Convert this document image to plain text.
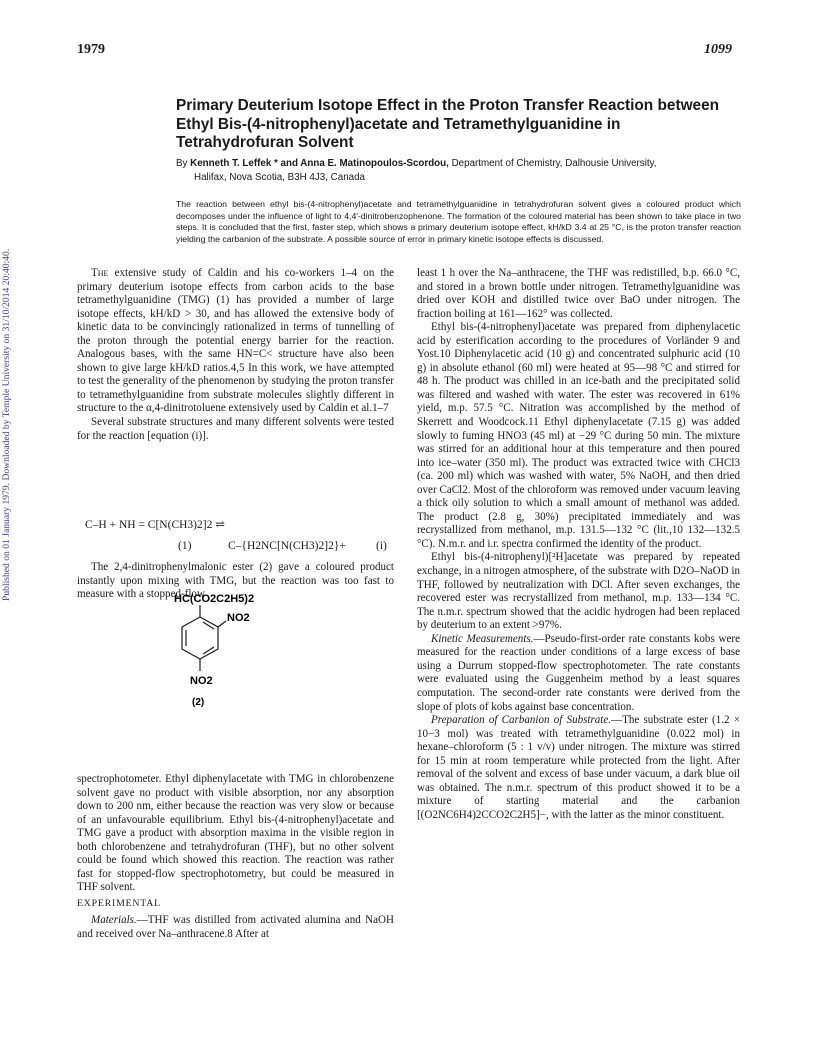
1979	1099
Published on 01 January 1979. Downloaded by Temple University on 31/10/2014 20:40:40.
Primary Deuterium Isotope Effect in the Proton Transfer Reaction between Ethyl Bis-(4-nitrophenyl)acetate and Tetramethylguanidine in Tetrahydrofuran Solvent
By Kenneth T. Leffek * and Anna E. Matinopoulos-Scordou, Department of Chemistry, Dalhousie University,
Halifax, Nova Scotia, B3H 4J3, Canada
The reaction between ethyl bis-(4-nitrophenyl)acetate and tetramethylguanidine in tetrahydrofuran solvent gives a coloured product which decomposes under the influence of light to 4,4′-dinitrobenzophenone. The formation of the coloured material has been shown to take place in two steps. It is concluded that the first, faster step, which shows a primary deuterium isotope effect, kH/kD 3.4 at 25 °C, is the proton transfer reaction yielding the carbanion of the substrate. A possible source of error in primary kinetic isotope effects is discussed.

The extensive study of Caldin and his co-workers 1–4 on the primary deuterium isotope effects from carbon acids to the base tetramethylguanidine (TMG) (1) has provided a number of large isotope effects, kH/kD > 30, and has allowed the extensive body of kinetic data to be convincingly rationalized in terms of tunnelling of the proton through the potential energy barrier for the reaction. Analogous bases, with the same HN=C< structure have also been shown to give large kH/kD ratios.4,5 In this work, we have attempted to test the generality of the phenomenon by studying the proton transfer to tetramethylguanidine from substrate molecules slightly different in structure to the α,4-dinitrotoluene extensively used by Caldin et al.1–7

Several substrate structures and many different solvents were tested for the reaction [equation (i)].

C–H + NH = C[N(CH3)2]2 ⇌
(1)	C–{H2NC[N(CH3)2]2}+	(i)

The 2,4-dinitrophenylmalonic ester (2) gave a coloured product instantly upon mixing with TMG, but the reaction was too fast to measure with a stopped-flow

HC(CO2C2H5)2
NO2
NO2
(2)

spectrophotometer. Ethyl diphenylacetate with TMG in chlorobenzene solvent gave no product with visible absorption, nor any absorption down to 200 nm, either because the reaction was very slow or because of an unfavourable equilibrium. Ethyl bis-(4-nitrophenyl)acetate and TMG gave a product with absorption maxima in the visible region in both chlorobenzene and tetrahydrofuran (THF), but no other solvent could be found which showed this reaction. The reaction was rather fast for stopped-flow spectrophotometry, but could be measured in THF solvent.

EXPERIMENTAL

Materials.—THF was distilled from activated alumina and NaOH and received over Na–anthracene.8 After at

least 1 h over the Na–anthracene, the THF was redistilled, b.p. 66.0 °C, and stored in a brown bottle under nitrogen. Tetramethylguanidine was dried over KOH and distilled twice over BaO under nitrogen. The fraction boiling at 161—162° was collected.

Ethyl bis-(4-nitrophenyl)acetate was prepared from diphenylacetic acid by esterification according to the procedures of Vorländer 9 and Yost.10 Diphenylacetic acid (10 g) and concentrated sulphuric acid (10 g) in absolute ethanol (60 ml) were heated at 95—98 °C and stirred for 48 h. The product was chilled in an ice-bath and the precipitated solid was filtered and washed with water. The ester was recovered in 61% yield, m.p. 57.5 °C. Nitration was accomplished by the method of Skerrett and Woodcock.11 Ethyl diphenylacetate (7.15 g) was added slowly to fuming HNO3 (45 ml) at −29 °C during 50 min. The mixture was stirred for an additional hour at this temperature and then poured into ice–water (350 ml). The product was extracted twice with CHCl3 (ca. 200 ml) which was washed with water, 5% NaOH, and then dried over CaCl2. Most of the chloroform was removed under vacuum leaving a thick oily solution to which a small amount of methanol was added. The product (2.8 g, 30%) precipitated immediately and was recrystallized from methanol, m.p. 131.5—132 °C (lit.,10 132—132.5 °C). N.m.r. and i.r. spectra confirmed the identity of the product.

Ethyl bis-(4-nitrophenyl)[²H]acetate was prepared by repeated exchange, in a nitrogen atmosphere, of the substrate with D2O–NaOD in THF, followed by neutralization with DCl. After seven exchanges, the recovered ester was recrystallized from methanol, m.p. 133—134 °C. The n.m.r. spectrum showed that the acidic hydrogen had been replaced by deuterium to an extent >97%.

Kinetic Measurements.—Pseudo-first-order rate constants kobs were measured for the reaction under conditions of a large excess of base using a Durrum stopped-flow spectrophotometer. The rate constants were evaluated using the Guggenheim method by a least squares computation. The second-order rate constants were derived from the slope of plots of kobs against base concentration.

Preparation of Carbanion of Substrate.—The substrate ester (1.2 × 10−3 mol) was treated with tetramethylguanidine (0.022 mol) in hexane–chloroform (5 : 1 v/v) under nitrogen. The mixture was stirred for 15 min at room temperature while protected from the light. After removal of the solvent and excess of base under vacuum, a dark blue oil was obtained. The n.m.r. spectrum of this product showed it to be a mixture of starting material and the carbanion [(O2NC6H4)2CCO2C2H5]−, with the latter as the minor constituent.
